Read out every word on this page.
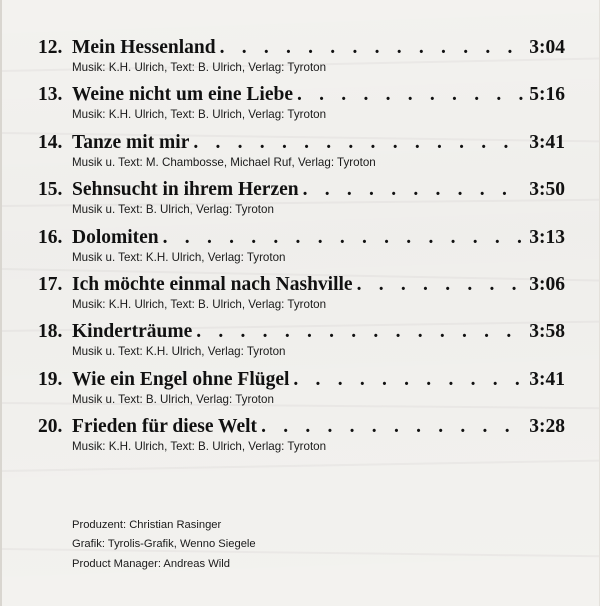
12. Mein Hessenland . . .	3:04
Musik: K.H. Ulrich, Text: B. Ulrich, Verlag: Tyroton
13. Weine nicht um eine Liebe . . .	5:16
Musik: K.H. Ulrich, Text: B. Ulrich, Verlag: Tyroton
14. Tanze mit mir . . .	3:41
Musik u. Text: M. Chambosse, Michael Ruf, Verlag: Tyroton
15. Sehnsucht in ihrem Herzen . . .	3:50
Musik u. Text: B. Ulrich, Verlag: Tyroton
16. Dolomiten . . .	3:13
Musik u. Text: K.H. Ulrich, Verlag: Tyroton
17. Ich möchte einmal nach Nashville . . .	3:06
Musik: K.H. Ulrich, Text: B. Ulrich, Verlag: Tyroton
18. Kinderträume . . .	3:58
Musik u. Text: K.H. Ulrich, Verlag: Tyroton
19. Wie ein Engel ohne Flügel . . .	3:41
Musik u. Text: B. Ulrich, Verlag: Tyroton
20. Frieden für diese Welt . . .	3:28
Musik: K.H. Ulrich, Text: B. Ulrich, Verlag: Tyroton
Produzent: Christian Rasinger
Grafik: Tyrolis-Grafik, Wenno Siegele
Product Manager: Andreas Wild
